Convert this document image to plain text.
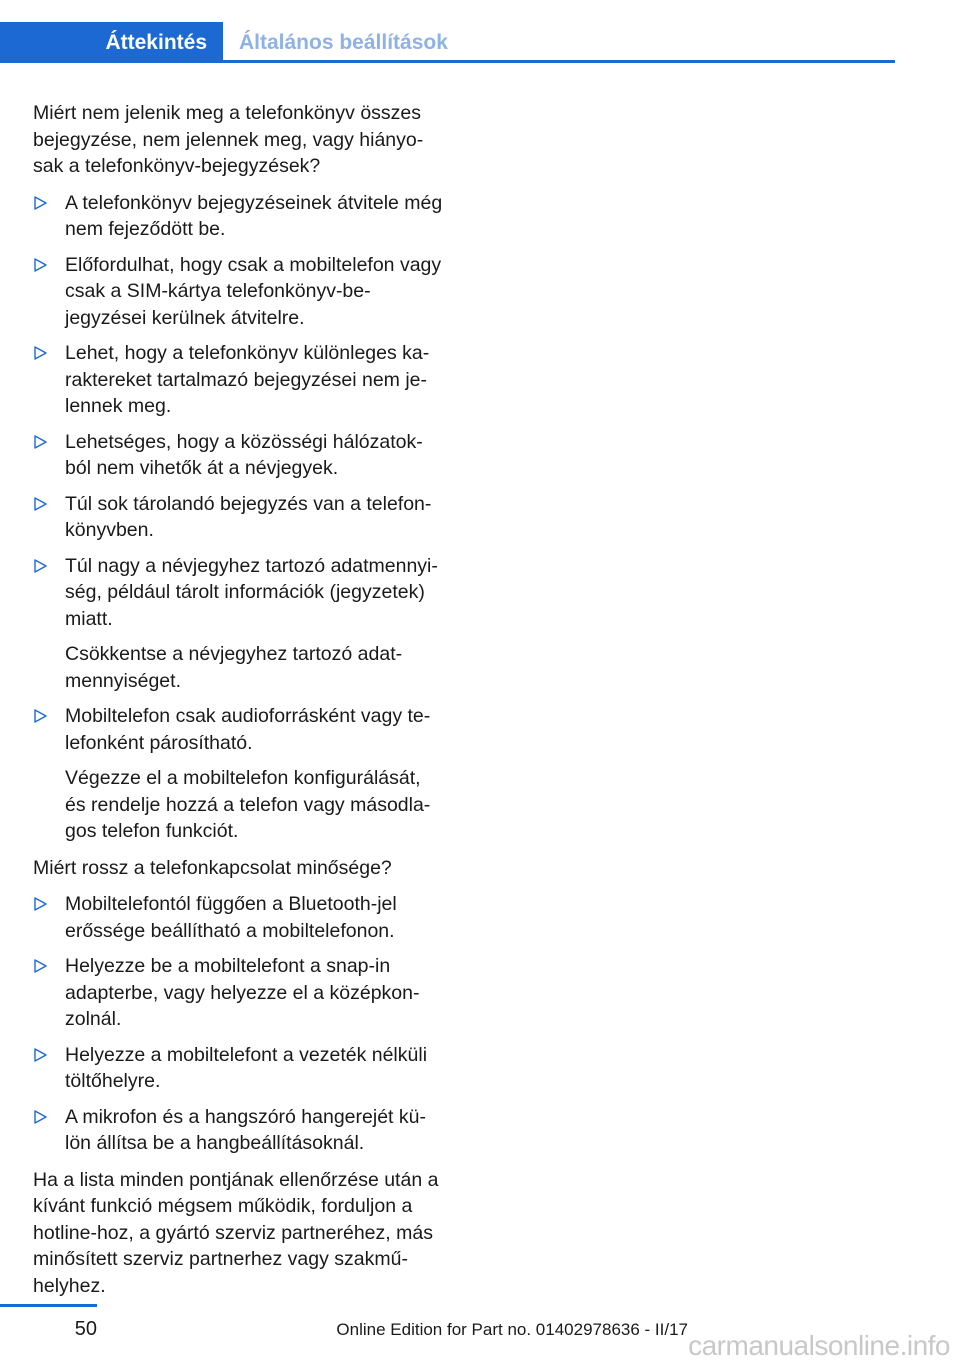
Áttekintés Általános beállítások

Miért nem jelenik meg a telefonkönyv összes bejegyzése, nem jelennek meg, vagy hiányo-sak a telefonkönyv-bejegyzések?

A telefonkönyv bejegyzéseinek átvitele még nem fejeződött be.
Előfordulhat, hogy csak a mobiltelefon vagy csak a SIM-kártya telefonkönyv-be-jegyzései kerülnek átvitelre.
Lehet, hogy a telefonkönyv különleges ka-raktereket tartalmazó bejegyzései nem je-lennek meg.
Lehetséges, hogy a közösségi hálózatok-ból nem vihetők át a névjegyek.
Túl sok tárolandó bejegyzés van a telefon-könyvben.
Túl nagy a névjegyhez tartozó adatmennyi-ség, például tárolt információk (jegyzetek) miatt.
Csökkentse a névjegyhez tartozó adat-mennyiséget.
Mobiltelefon csak audioforrásként vagy te-lefonként párosítható.
Végezze el a mobiltelefon konfigurálását, és rendelje hozzá a telefon vagy másodla-gos telefon funkciót.

Miért rossz a telefonkapcsolat minősége?

Mobiltelefontól függően a Bluetooth-jel erőssége beállítható a mobiltelefonon.
Helyezze be a mobiltelefont a snap-in adapterbe, vagy helyezze el a középkon-zolnál.
Helyezze a mobiltelefont a vezeték nélküli töltőhelyre.
A mikrofon és a hangszóró hangerejét kü-lön állítsa be a hangbeállításoknál.

Ha a lista minden pontjának ellenőrzése után a kívánt funkció mégsem működik, forduljon a hotline-hoz, a gyártó szerviz partneréhez, más minősített szerviz partnerhez vagy szakmű-helyhez.

50	Online Edition for Part no. 01402978636 - II/17
carmanualsonline.info
